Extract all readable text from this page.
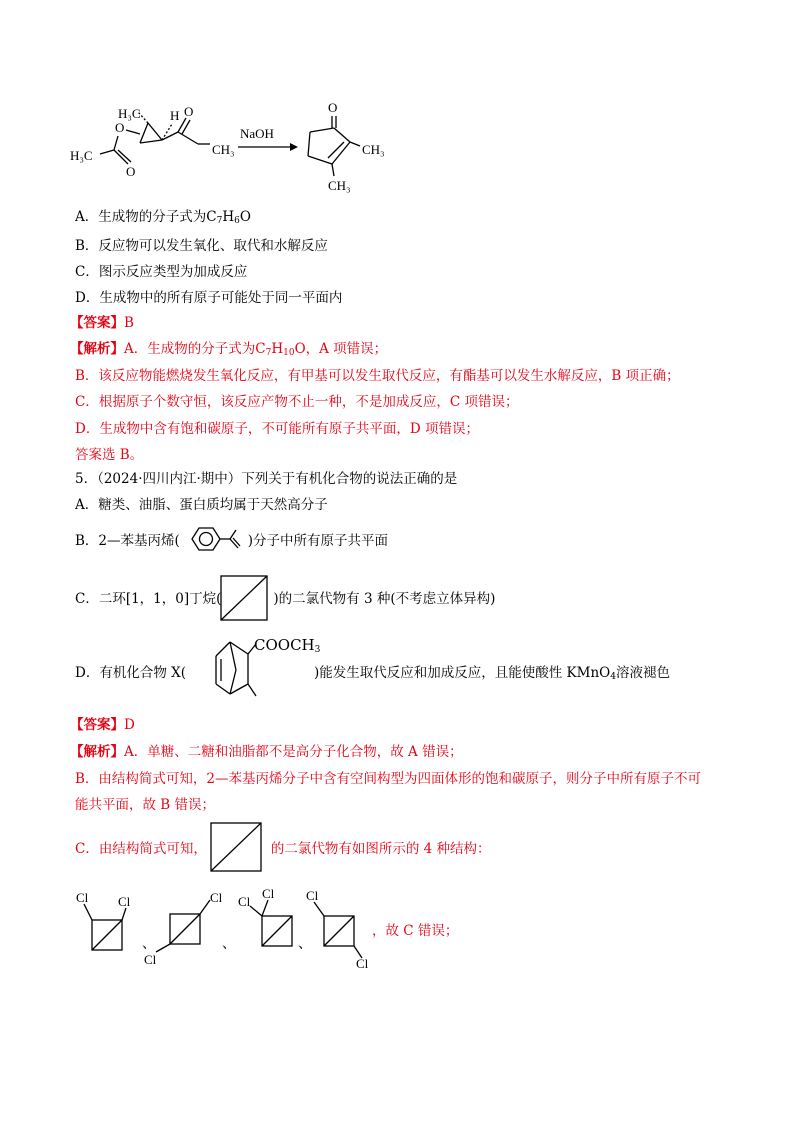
H₃C H
O
H₃C
O
O
CH₃
NaOH
O
CH₃
CH₃
A．生成物的分子式为$C_7H_6O$
B．反应物可以发生氧化、取代和水解反应
C．图示反应类型为加成反应
D．生成物中的所有原子可能处于同一平面内
【答案】B
【解析】A．生成物的分子式为$C_7H_{10}O$，A 项错误；
B．该反应物能燃烧发生氧化反应，有甲基可以发生取代反应，有酯基可以发生水解反应，B 项正确；
C．根据原子个数守恒，该反应产物不止一种，不是加成反应，C 项错误；
D．生成物中含有饱和碳原子，不可能所有原子共平面，D 项错误；
答案选 B。
5．（2024·四川内江·期中）下列关于有机化合物的说法正确的是
A．糖类、油脂、蛋白质均属于天然高分子
B．2—苯基丙烯(	)分子中所有原子共平面
C．二环[1，1，0]丁烷(	)的二氯代物有 3 种(不考虑立体异构)
D．有机化合物 X(	)能发生取代反应和加成反应，且能使酸性 KMnO$_4$溶液褪色
$COOCH_3$
【答案】D
【解析】A．单糖、二糖和油脂都不是高分子化合物，故 A 错误；
B．由结构简式可知，2—苯基丙烯分子中含有空间构型为四面体形的饱和碳原子，则分子中所有原子不可
能共平面，故 B 错误；
C．由结构简式可知，	的二氯代物有如图所示的 4 种结构：
Cl Cl
、
Cl
Cl
、
Cl
Cl
、
Cl
Cl
，故 C 错误；
